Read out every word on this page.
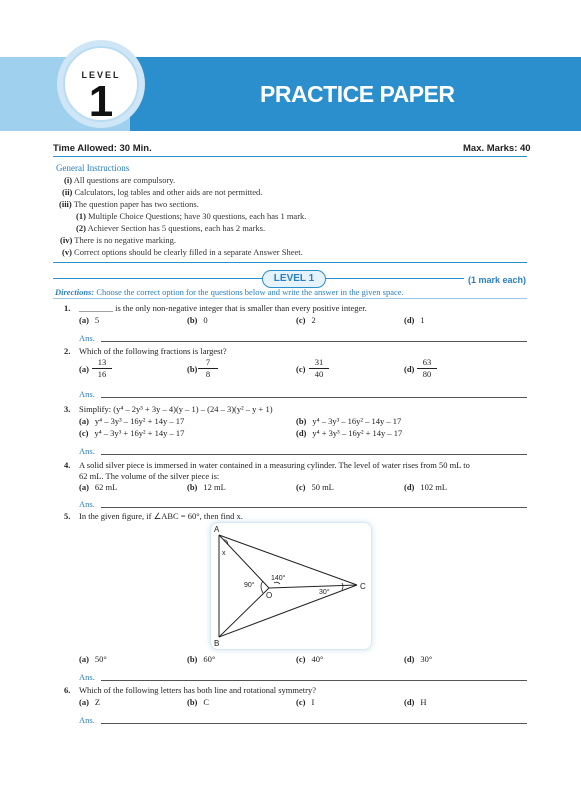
LEVEL
1	PRACTICE PAPER
Time Allowed: 30 Min.	Max. Marks: 40
General Instructions
(i) All questions are compulsory.
(ii) Calculators, log tables and other aids are not permitted.
(iii) The question paper has two sections.
(1) Multiple Choice Questions; have 30 questions, each has 1 mark.
(2) Achiever Section has 5 questions, each has 2 marks.
(iv) There is no negative marking.
(v) Correct options should be clearly filled in a separate Answer Sheet.
LEVEL 1	(1 mark each)
Directions: Choose the correct option for the questions below and write the answer in the given space.
1. ________ is the only non-negative integer that is smaller than every positive integer.
(a) 5	(b) 0	(c) 2	(d) 1
Ans.
2. Which of the following fractions is largest?
$(a) \frac{13}{16}$	$(b) \frac{7}{8}$	$(c) \frac{31}{40}$	$(d) \frac{63}{80}$
Ans.
3. Simplify: (y⁴ – 2y³ + 3y – 4)(y – 1) – (24 – 3)(y² – y + 1)
(a) y⁴ – 3y³ – 16y² + 14y – 17	(b) y⁴ – 3y³ – 16y² – 14y – 17
(c) y⁴ – 3y³ + 16y² + 14y – 17	(d) y⁴ + 3y³ – 16y² + 14y – 17
Ans.
4. A solid silver piece is immersed in water contained in a measuring cylinder. The level of water rises from 50 mL to
62 mL. The volume of the silver piece is:
(a) 62 mL	(b) 12 mL	(c) 50 mL	(d) 102 mL
Ans.
5. In the given figure, if ∠ABC = 60°, then find x.
A
B
C
O
x
90°
140°
30°
(a) 50°	(b) 60°	(c) 40°	(d) 30°
Ans.
6. Which of the following letters has both line and rotational symmetry?
(a) Z	(b) C	(c) I	(d) H
Ans.
